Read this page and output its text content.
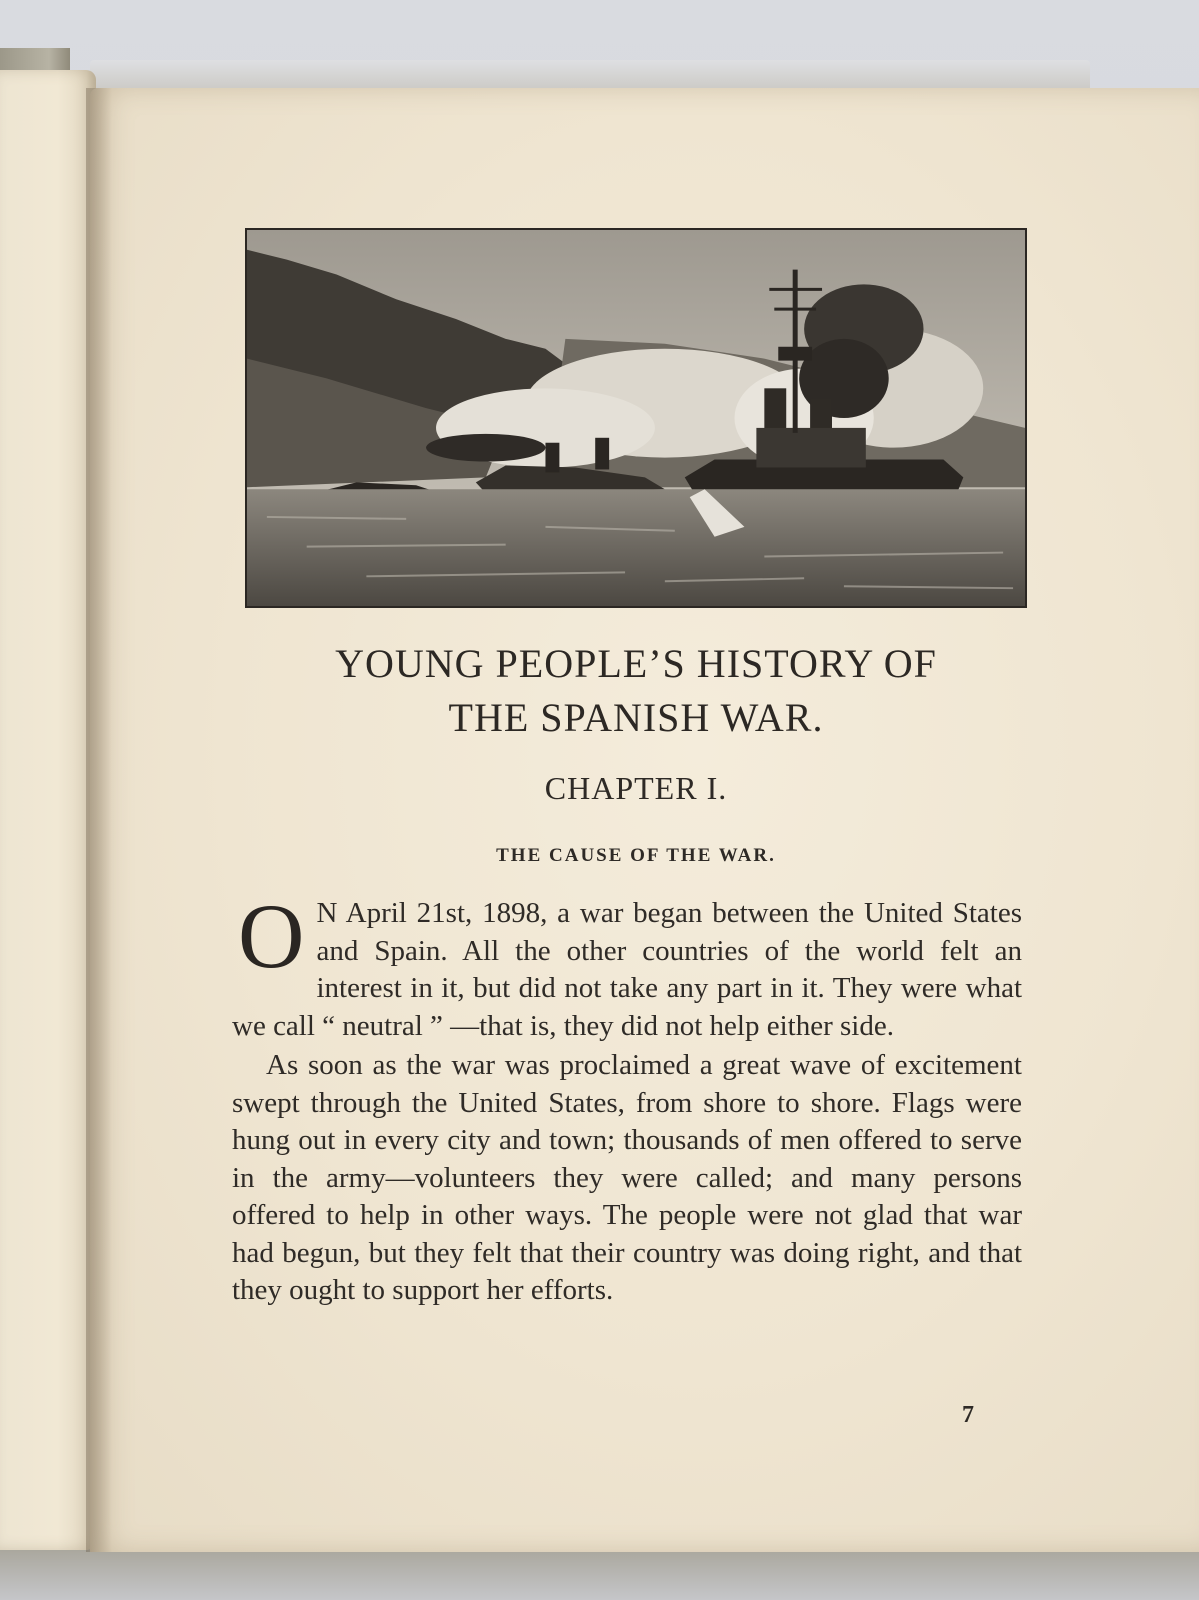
YOUNG PEOPLE’S HISTORY OF
THE SPANISH WAR.
CHAPTER I.
THE CAUSE OF THE WAR.

O N April 21st, 1898, a war began between the United States and Spain. All the other countries of the world felt an interest in it, but did not take any part in it. They were what we call “ neutral ” —that is, they did not help either side.

As soon as the war was proclaimed a great wave of excitement swept through the United States, from shore to shore. Flags were hung out in every city and town; thousands of men offered to serve in the army—volunteers they were called; and many persons offered to help in other ways. The people were not glad that war had begun, but they felt that their country was doing right, and that they ought to support her efforts.

7
